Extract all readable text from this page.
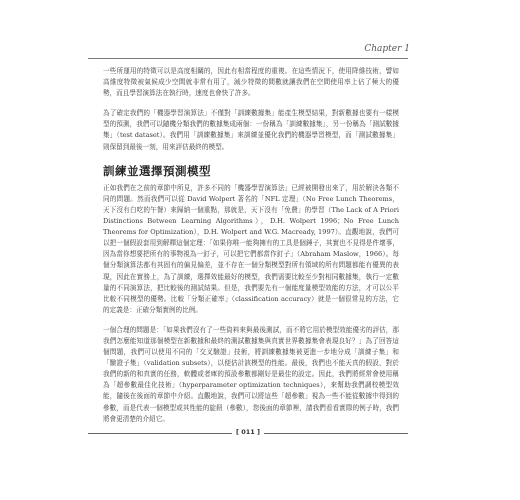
Chapter 1

一些所運用的特徵可以是高度相關的，因此有相當程度的重複。在這些情況下，使用降維技術，譬如高維度特徵被氣候成少空間就非常有用了，減少特徵的間數就讓我們在空間使用率上佔了極大的優勢，而且學習演算法在執行時，速度也會快了許多。

為了確定我們的「機器學習演算法」不僅對「訓練數據集」能產生模型結果，對新數據也要有一樣模型的預測，我們可以隨機分類我們的數據集成兩個：一份稱為「訓練數據集」，另一份稱為「測試數據集」（test dataset）。我們用「訓練數據集」來訓練並優化我們的機器學習模型，而「測試數據集」則保留到最後一刻，用來評估最終的模型。

訓練並選擇預測模型

正如我們在之前的章節中所見，許多不同的「機器學習演算法」已經被開發出來了，用於解決各類不同的問題。然而我們可以從 David Wolpert 著名的「NFL 定理」（No Free Lunch Theorems，天下沒有白吃的午餐）來歸納一個重點，那就是，天下沒有「免費」的學習（The Lack of A Priori Distinctions Between Learning Algorithms），D.H. Wolpert 1996；No Free Lunch Theorems for Optimization），D.H. Wolpert and W.G. Macready, 1997）。直觀地說，我們可以把一個假設套用到解釋這個定理：「如果你唯一能夠擁有的工具是個錘子，其實也不見得是件壞事，因為當你想要把所有的事物視為一釘子，可以把它們都當作釘子」（Abraham Maslow，1966）。每個分類演算法都有其固有的偏見偏差，並不存在一個分類模型對所有領域的所有問題都能有優異的表現，因此在實務上，為了訓練，選擇效能最好的模型，我們需要比較至少對相同數據集，執行一定數量的不同演算法，把比較後的測試結果。但是，我們要先有一個能度量模型效能的方法，才可以公平比較不同模型的優勢。比較「分類正確率」（classification accuracy）就是一個很常見的方法，它的定義是：正確分類實例的比例。

一個合理的問題是：「如果我們沒有了一些資料來與最後測試，而不將它用於模型效能優劣的評估，那我們怎麼能知道那個模型在新數據和最終的測試數據集與真實世界數據集會表現良好？」為了回答這個問題，我們可以使用不同的「交叉驗證」技術，將訓練數據集被更進一步地分成「訓練子集」和「驗證子集」（validation subsets），以便估計該模型的性能。最後，我們也不能天真的假設，對於我們的新的和真實的任務，軟體或者庫的預設參數都剛好是最佳的設定。因此，我們將經常會使用稱為「超參數最佳化技術」（hyperparameter optimization techniques），來幫助我們調校模型效能，隨後在後面的章節中介紹。直觀地說，我們可以將這些「超參數」視為一些不能從數據中得到的參數，而是代表一個模型或其性能的旋鈕（參數），您後面的章節裡，請我們看看實際的例子時，我們將會更清楚的介紹它。

[ 011 ]
